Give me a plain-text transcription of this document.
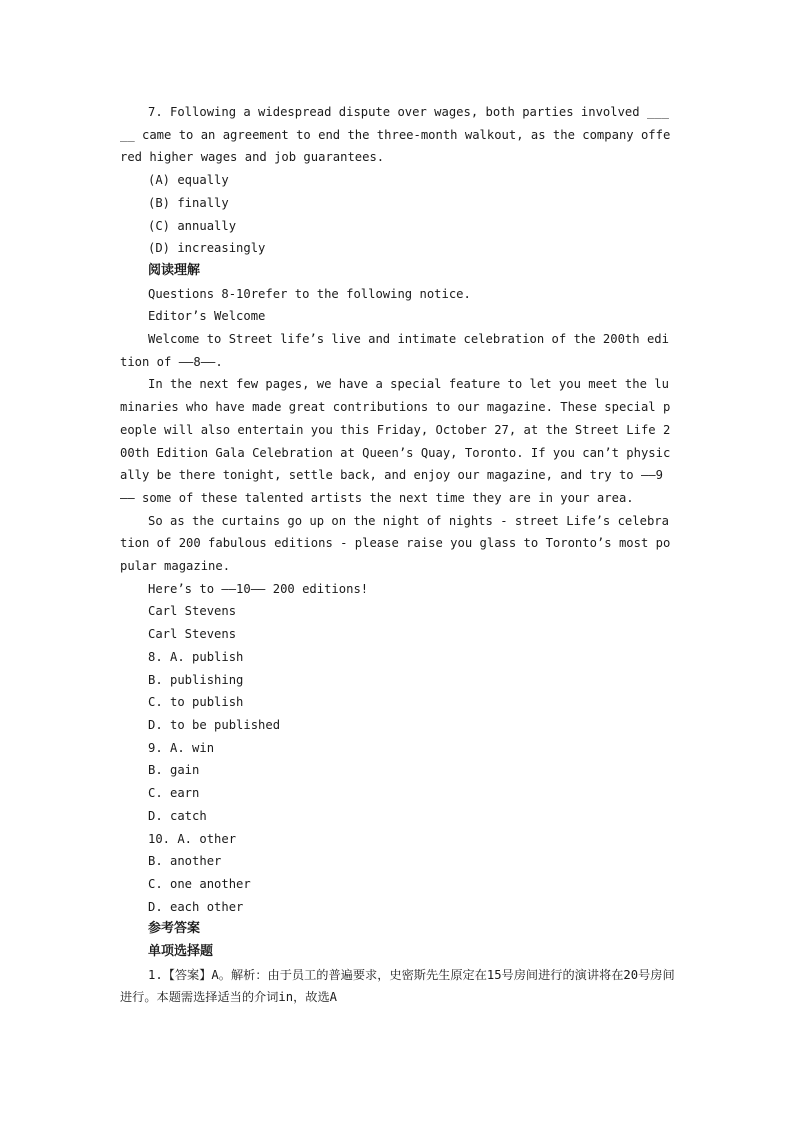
7. Following a widespread dispute over wages, both parties involved _____ came to an agreement to end the three-month walkout, as the company offered higher wages and job guarantees.

(A) equally

(B) finally

(C) annually

(D) increasingly

阅读理解

Questions 8-10refer to the following notice.

Editor’s Welcome

Welcome to Street life’s live and intimate celebration of the 200th edition of ——8——.

In the next few pages, we have a special feature to let you meet the luminaries who have made great contributions to our magazine. These special people will also entertain you this Friday, October 27, at the Street Life 200th Edition Gala Celebration at Queen’s Quay, Toronto. If you can’t physically be there tonight, settle back, and enjoy our magazine, and try to ——9—— some of these talented artists the next time they are in your area.

So as the curtains go up on the night of nights - street Life’s celebration of 200 fabulous editions - please raise you glass to Toronto’s most popular magazine.

Here’s to ——10—— 200 editions!

Carl Stevens

Carl Stevens

8. A. publish

B. publishing

C. to publish

D. to be published

9. A. win

B. gain

C. earn

D. catch

10. A. other

B. another

C. one another

D. each other

参考答案

单项选择题

1.【答案】A。解析：由于员工的普遍要求，史密斯先生原定在15号房间进行的演讲将在20号房间进行。本题需选择适当的介词in，故选A
